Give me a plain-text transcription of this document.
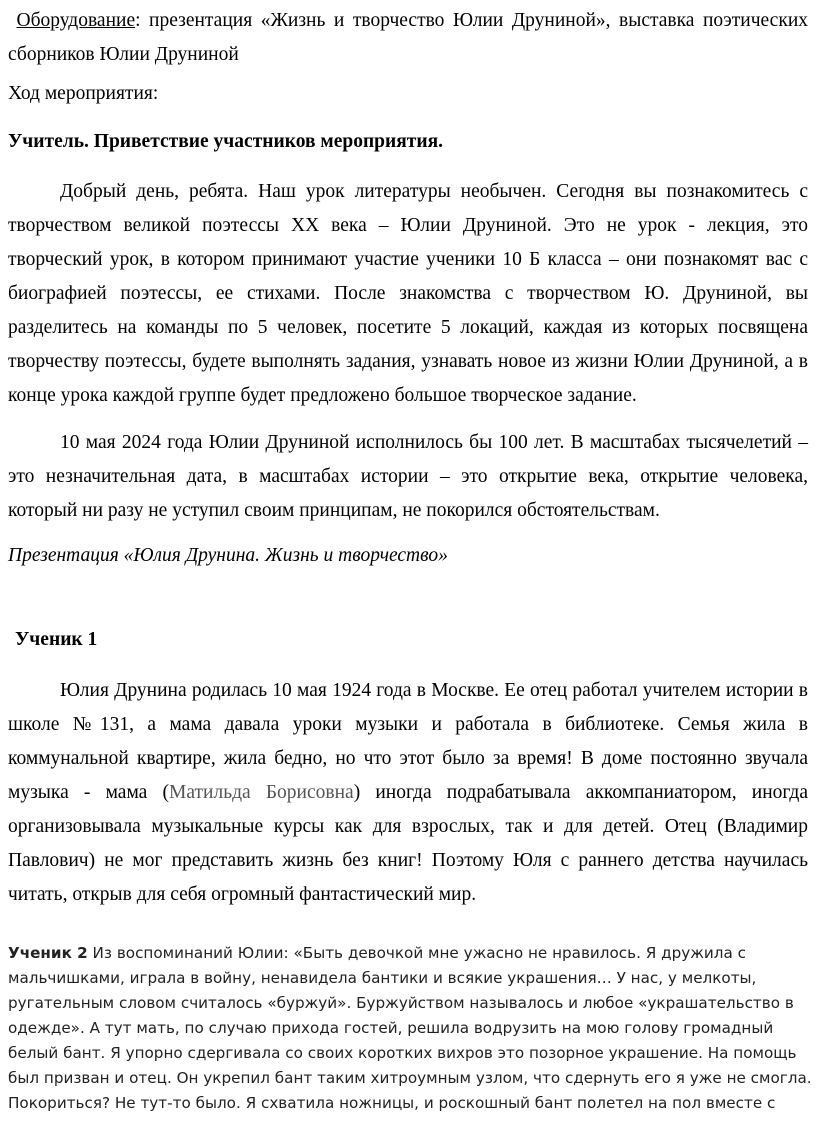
Оборудование: презентация «Жизнь и творчество Юлии Друниной», выставка поэтических сборников Юлии Друниной

Ход мероприятия:

Учитель. Приветствие участников мероприятия.

Добрый день, ребята. Наш урок литературы необычен. Сегодня вы познакомитесь с творчеством великой поэтессы XX века – Юлии Друниной. Это не урок - лекция, это творческий урок, в котором принимают участие ученики 10 Б класса – они познакомят вас с биографией поэтессы, ее стихами. После знакомства с творчеством Ю. Друниной, вы разделитесь на команды по 5 человек, посетите 5 локаций, каждая из которых посвящена творчеству поэтессы, будете выполнять задания, узнавать новое из жизни Юлии Друниной, а в конце урока каждой группе будет предложено большое творческое задание.

10 мая 2024 года Юлии Друниной исполнилось бы 100 лет. В масштабах тысячелетий – это незначительная дата, в масштабах истории – это открытие века, открытие человека, который ни разу не уступил своим принципам, не покорился обстоятельствам.

Презентация «Юлия Друнина. Жизнь и творчество»

Ученик 1

Юлия Друнина родилась 10 мая 1924 года в Москве. Ее отец работал учителем истории в школе №131, а мама давала уроки музыки и работала в библиотеке. Семья жила в коммунальной квартире, жила бедно, но что этот было за время! В доме постоянно звучала музыка - мама (Матильда Борисовна) иногда подрабатывала аккомпаниатором, иногда организовывала музыкальные курсы как для взрослых, так и для детей. Отец (Владимир Павлович) не мог представить жизнь без книг! Поэтому Юля с раннего детства научилась читать, открыв для себя огромный фантастический мир.

Ученик 2 Из воспоминаний Юлии: «Быть девочкой мне ужасно не нравилось. Я дружила с мальчишками, играла в войну, ненавидела бантики и всякие украшения… У нас, у мелкоты, ругательным словом считалось «буржуй». Буржуйством называлось и любое «украшательство в одежде». А тут мать, по случаю прихода гостей, решила водрузить на мою голову громадный белый бант. Я упорно сдергивала со своих коротких вихров это позорное украшение. На помощь был призван и отец. Он укрепил бант таким хитроумным узлом, что сдернуть его я уже не смогла. Покориться? Не тут-то было. Я схватила ножницы, и роскошный бант полетел на пол вместе с
